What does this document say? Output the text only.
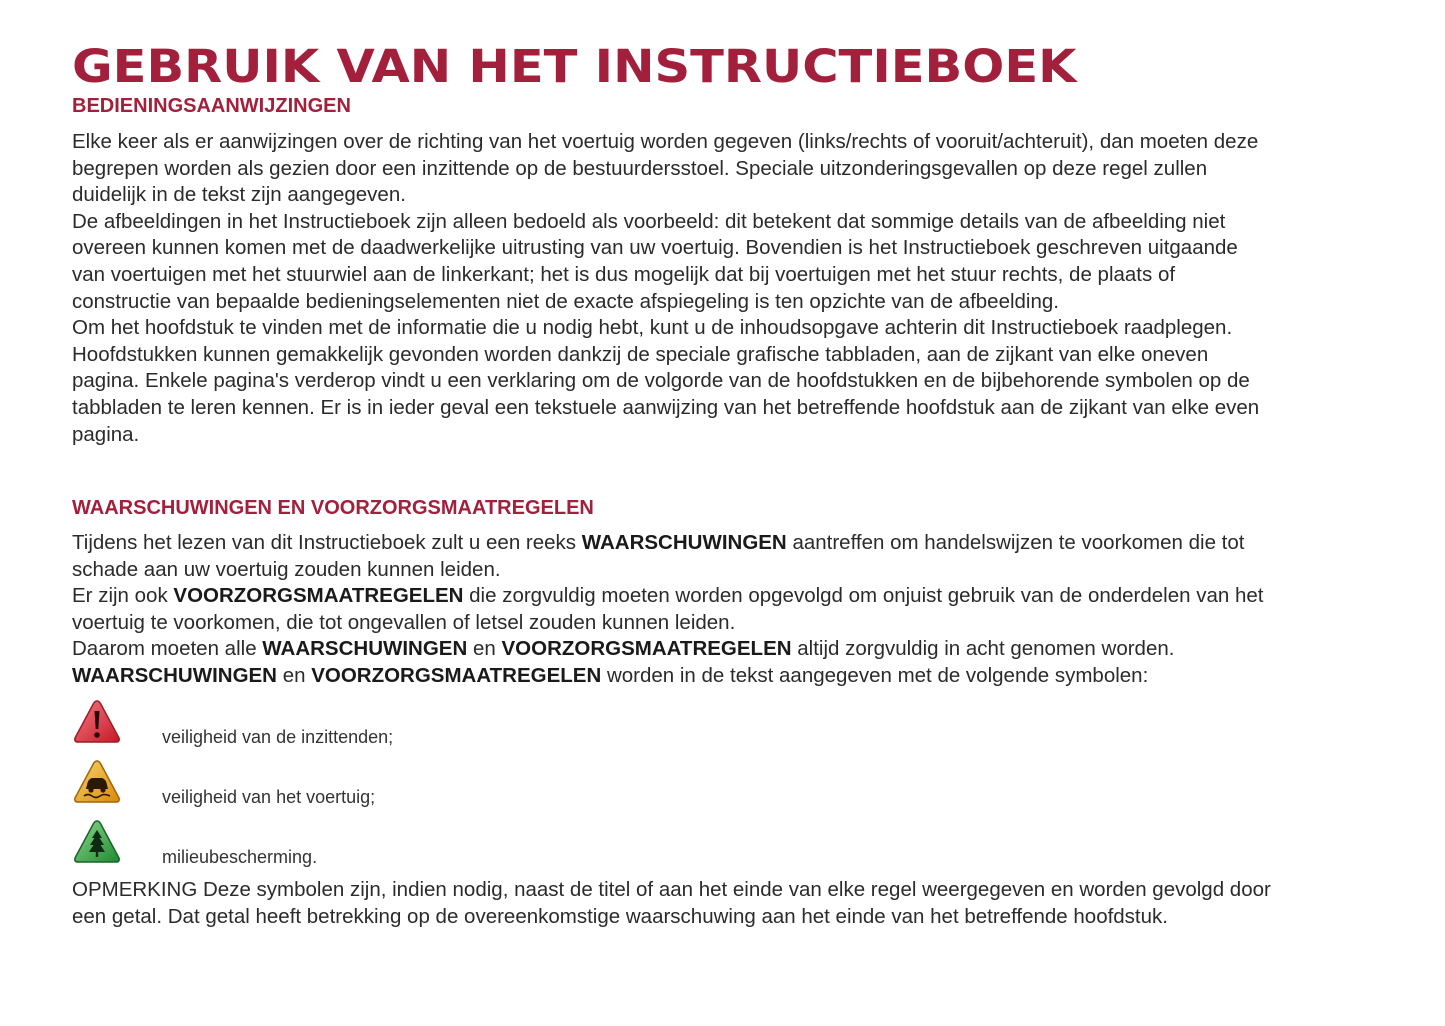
GEBRUIK VAN HET INSTRUCTIEBOEK
BEDIENINGSAANWIJZINGEN

Elke keer als er aanwijzingen over de richting van het voertuig worden gegeven (links/rechts of vooruit/achteruit), dan moeten deze begrepen worden als gezien door een inzittende op de bestuurdersstoel. Speciale uitzonderingsgevallen op deze regel zullen duidelijk in de tekst zijn aangegeven.

De afbeeldingen in het Instructieboek zijn alleen bedoeld als voorbeeld: dit betekent dat sommige details van de afbeelding niet overeen kunnen komen met de daadwerkelijke uitrusting van uw voertuig. Bovendien is het Instructieboek geschreven uitgaande van voertuigen met het stuurwiel aan de linkerkant; het is dus mogelijk dat bij voertuigen met het stuur rechts, de plaats of constructie van bepaalde bedieningselementen niet de exacte afspiegeling is ten opzichte van de afbeelding.

Om het hoofdstuk te vinden met de informatie die u nodig hebt, kunt u de inhoudsopgave achterin dit Instructieboek raadplegen.

Hoofdstukken kunnen gemakkelijk gevonden worden dankzij de speciale grafische tabbladen, aan de zijkant van elke oneven pagina. Enkele pagina's verderop vindt u een verklaring om de volgorde van de hoofdstukken en de bijbehorende symbolen op de tabbladen te leren kennen. Er is in ieder geval een tekstuele aanwijzing van het betreffende hoofdstuk aan de zijkant van elke even pagina.

WAARSCHUWINGEN EN VOORZORGSMAATREGELEN

Tijdens het lezen van dit Instructieboek zult u een reeks WAARSCHUWINGEN aantreffen om handelswijzen te voorkomen die tot schade aan uw voertuig zouden kunnen leiden.

Er zijn ook VOORZORGSMAATREGELEN die zorgvuldig moeten worden opgevolgd om onjuist gebruik van de onderdelen van het voertuig te voorkomen, die tot ongevallen of letsel zouden kunnen leiden.

Daarom moeten alle WAARSCHUWINGEN en VOORZORGSMAATREGELEN altijd zorgvuldig in acht genomen worden.

WAARSCHUWINGEN en VOORZORGSMAATREGELEN worden in de tekst aangegeven met de volgende symbolen:

veiligheid van de inzittenden;
veiligheid van het voertuig;
milieubescherming.

OPMERKING Deze symbolen zijn, indien nodig, naast de titel of aan het einde van elke regel weergegeven en worden gevolgd door een getal. Dat getal heeft betrekking op de overeenkomstige waarschuwing aan het einde van het betreffende hoofdstuk.
